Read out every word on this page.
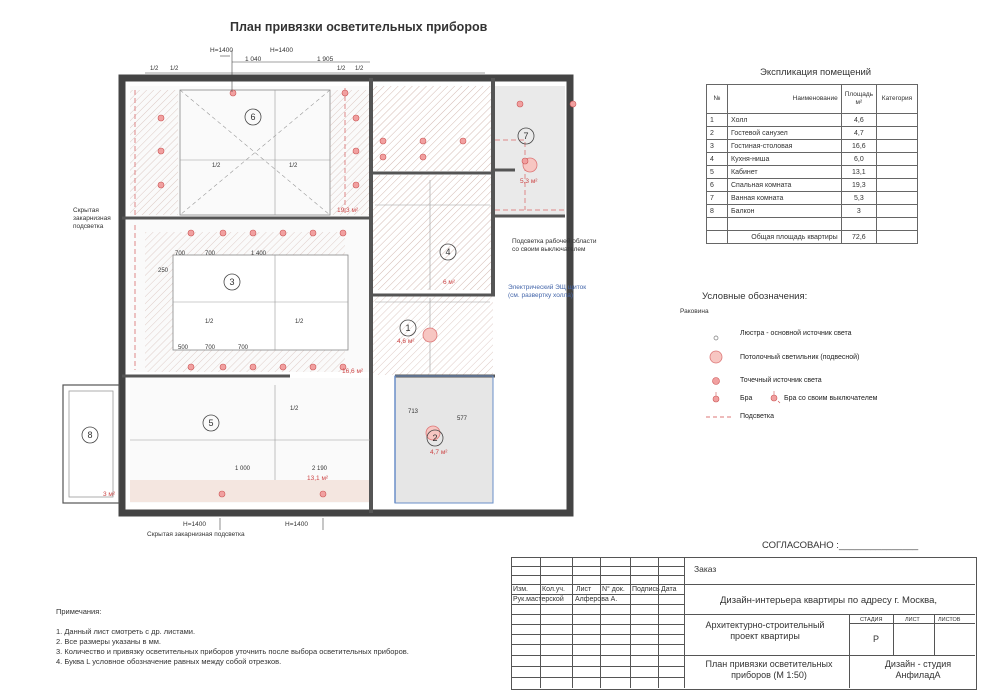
План привязки осветительных приборов
6
3
5
4
1
2
7
8
19,3 м²
16,6 м²
13,1 м²
6 м²
4,6 м²
4,7 м²
5,3 м²
3 м²
H=1400	H=1400
1 040	1 905
1/2 1/2	1/2 1/2
1/2	1/2
700	700	1 400
250
1/2	1/2
500	700	700
1/2
1 000	2 190
713
577
H=1400	H=1400
Скрытая закарнизная подсветка
Скрытая закарнизная подсветка
Подсветка рабочей области со своим выключателем
Электрический ЭЩ щиток (см. развертку холла)
Экспликация помещений
№	Наименование	Площадь м²	Категория
1	Холл	4,6	
2	Гостевой санузел	4,7	
3	Гостиная-столовая	16,6	
4	Кухня-ниша	6,0	
5	Кабинет	13,1	
6	Спальная комната	19,3	
7	Ванная комната	5,3	
8	Балкон	3	

	Общая площадь квартиры	72,6	
Условные обозначения:
Раковина
Люстра - основной источник света
Потолочный светильник (подвесной)
Точечный источник света
Бра	Бра со своим выключателем
Подсветка
СОГЛАСОВАНО :_______________
Примечания:
1. Данный лист смотреть с др. листами.
2. Все размеры указаны в мм.
3. Количество и привязку осветительных приборов уточнить после выбора осветительных приборов.
4. Буква L условное обозначение равных между собой отрезков.
Заказ
Изм. Кол.уч. Лист N° док. Подпись Дата
Рук.мастерской Алферова А.	Дизайн-интерьера квартиры по адресу г. Москва,
Архитектурно-строительный проект квартиры
СТАДИЯ	ЛИСТ	ЛИСТОВ
Р
План привязки осветительных приборов (М 1:50)
Дизайн - студия АнфиладА
